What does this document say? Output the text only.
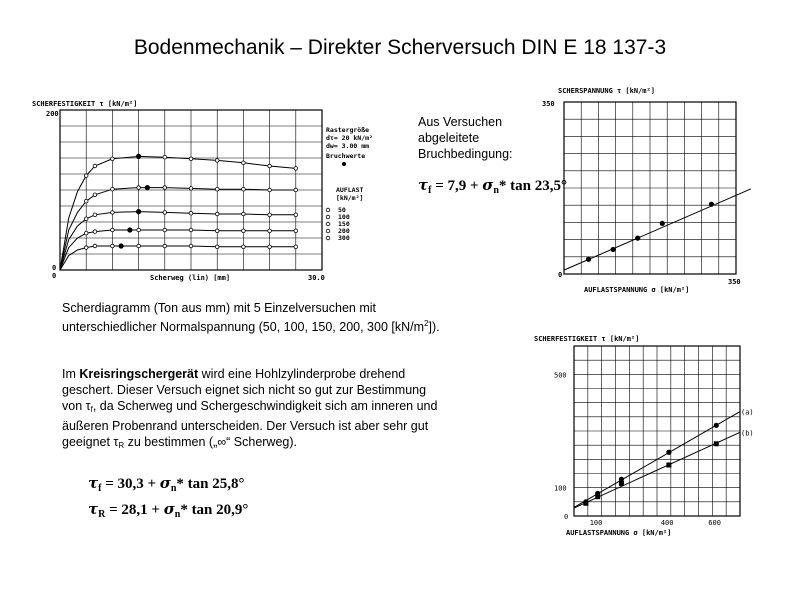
Bodenmechanik – Direkter Scherversuch DIN E 18 137-3
SCHERFESTIGKEIT τ [kN/m²]
200
0
0	30.0
Scherweg (lin) [mm]
Rastergröße
dτ= 20 kN/m²
dw= 3.00 mm
Bruchwerte
AUFLAST
[kN/m²]
50
100
150
200
300
Aus Versuchen
abgeleitete
Bruchbedingung:
$\tau_f = 7,9 + \sigma_n*$ tan 23,5°
SCHERSPANNUNG τ [kN/m²]
350
0
350
AUFLASTSPANNUNG σ [kN/m²]
Scherdiagramm (Ton aus mm) mit 5 Einzelversuchen mit
unterschiedlicher Normalspannung (50, 100, 150, 200, 300 $[kN/m^2]$).
Im Kreisringschergerät wird eine Hohlzylinderprobe drehend
geschert. Dieser Versuch eignet sich nicht so gut zur Bestimmung
von τf, da Scherweg und Schergeschwindigkeit sich am inneren und
äußeren Probenrand unterscheiden. Der Versuch ist aber sehr gut
geeignet τR zu bestimmen („∞“ Scherweg).
$\tau_f = 30,3 + \sigma_n*$ tan 25,8°
$\tau_R = 28,1 + \sigma_n*$ tan 20,9°
SCHERFESTIGKEIT τ [kN/m²]
0
100
500
100	400	600
AUFLASTSPANNUNG σ [kN/m²]
(a)
(b)
